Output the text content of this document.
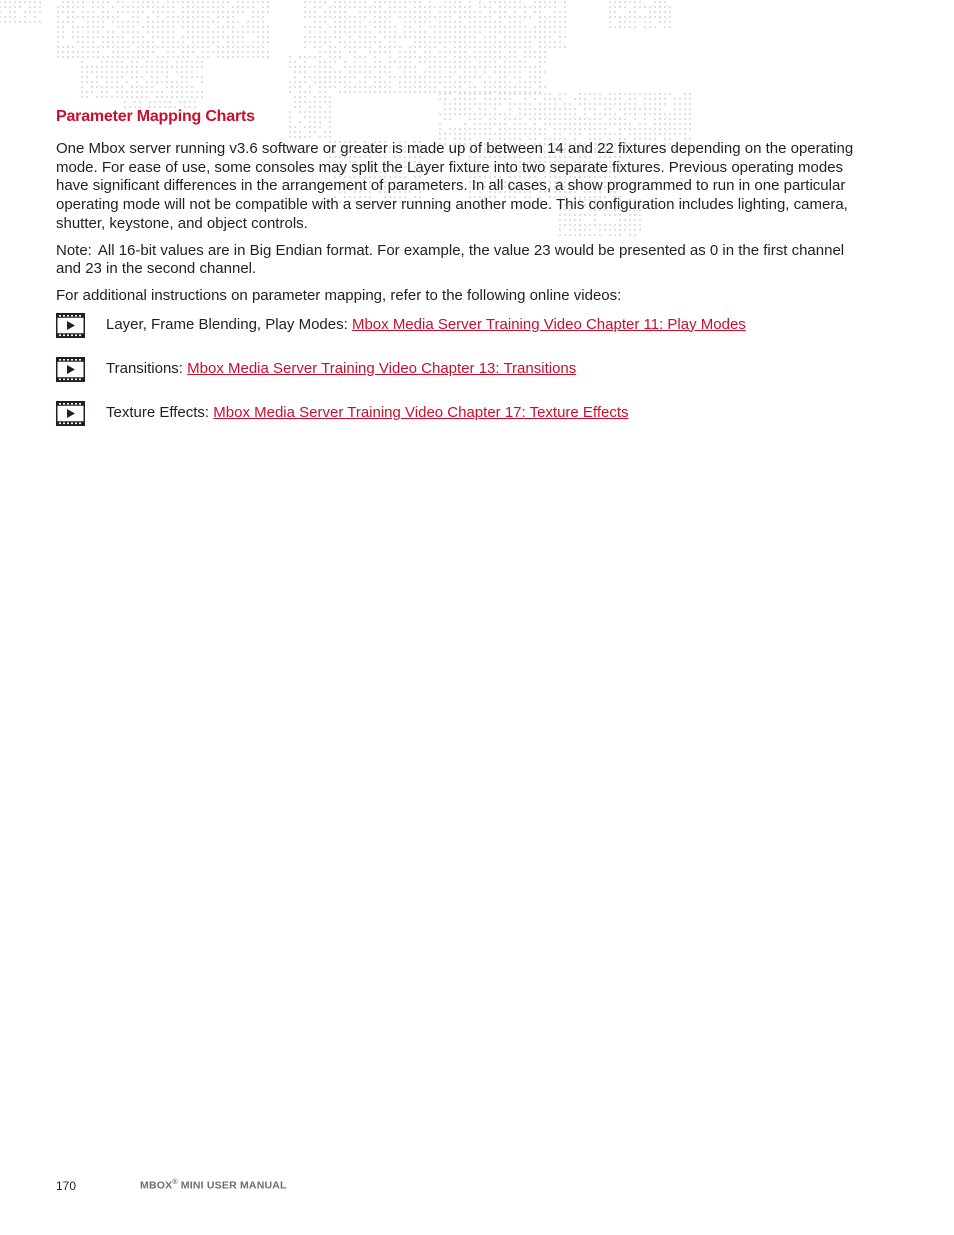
Parameter Mapping Charts

One Mbox server running v3.6 software or greater is made up of between 14 and 22 fixtures depending on the operating mode. For ease of use, some consoles may split the Layer fixture into two separate fixtures. Previous operating modes have significant differences in the arrangement of parameters. In all cases, a show programmed to run in one particular operating mode will not be compatible with a server running another mode. This configuration includes lighting, camera, shutter, keystone, and object controls.

Note: All 16-bit values are in Big Endian format. For example, the value 23 would be presented as 0 in the first channel and 23 in the second channel.

For additional instructions on parameter mapping, refer to the following online videos:

Layer, Frame Blending, Play Modes: Mbox Media Server Training Video Chapter 11: Play Modes
Transitions: Mbox Media Server Training Video Chapter 13: Transitions
Texture Effects: Mbox Media Server Training Video Chapter 17: Texture Effects
170	MBOX® MINI USER MANUAL
